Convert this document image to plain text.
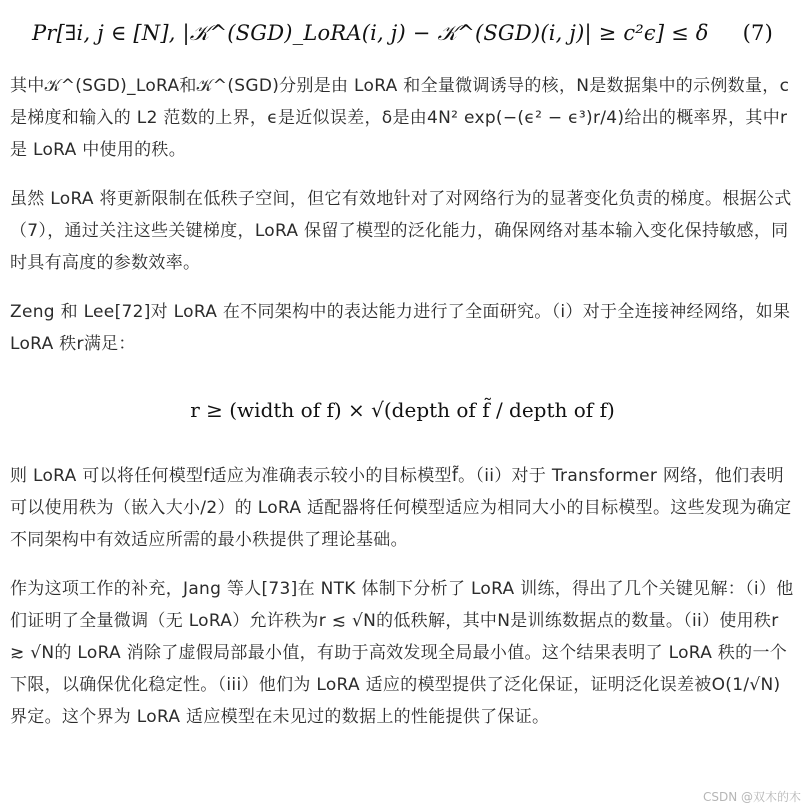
Pr[∃i, j ∈ [N], |𝒦^(SGD)_LoRA(i, j) − 𝒦^(SGD)(i, j)| ≥ c²ϵ] ≤ δ (7)

其中𝒦^(SGD)_LoRA和𝒦^(SGD)分别是由 LoRA 和全量微调诱导的核，N是数据集中的示例数量，c是梯度和输入的 L2 范数的上界，ϵ是近似误差，δ是由4N² exp(−(ϵ² − ϵ³)r/4)给出的概率界，其中r是 LoRA 中使用的秩。

虽然 LoRA 将更新限制在低秩子空间，但它有效地针对了对网络行为的显著变化负责的梯度。根据公式（7），通过关注这些关键梯度，LoRA 保留了模型的泛化能力，确保网络对基本输入变化保持敏感，同时具有高度的参数效率。

Zeng 和 Lee[72]对 LoRA 在不同架构中的表达能力进行了全面研究。（i）对于全连接神经网络，如果 LoRA 秩r满足：

r ≥ (width of f) × √(depth of f̃ / depth of f)

则 LoRA 可以将任何模型f适应为准确表示较小的目标模型f̃。（ii）对于 Transformer 网络，他们表明可以使用秩为（嵌入大小/2）的 LoRA 适配器将任何模型适应为相同大小的目标模型。这些发现为确定不同架构中有效适应所需的最小秩提供了理论基础。

作为这项工作的补充，Jang 等人[73]在 NTK 体制下分析了 LoRA 训练，得出了几个关键见解：（i）他们证明了全量微调（无 LoRA）允许秩为r ≲ √N的低秩解，其中N是训练数据点的数量。（ii）使用秩r ≳ √N的 LoRA 消除了虚假局部最小值，有助于高效发现全局最小值。这个结果表明了 LoRA 秩的一个下限，以确保优化稳定性。（iii）他们为 LoRA 适应的模型提供了泛化保证，证明泛化误差被O(1/√N)界定。这个界为 LoRA 适应模型在未见过的数据上的性能提供了保证。

CSDN @双木的木
